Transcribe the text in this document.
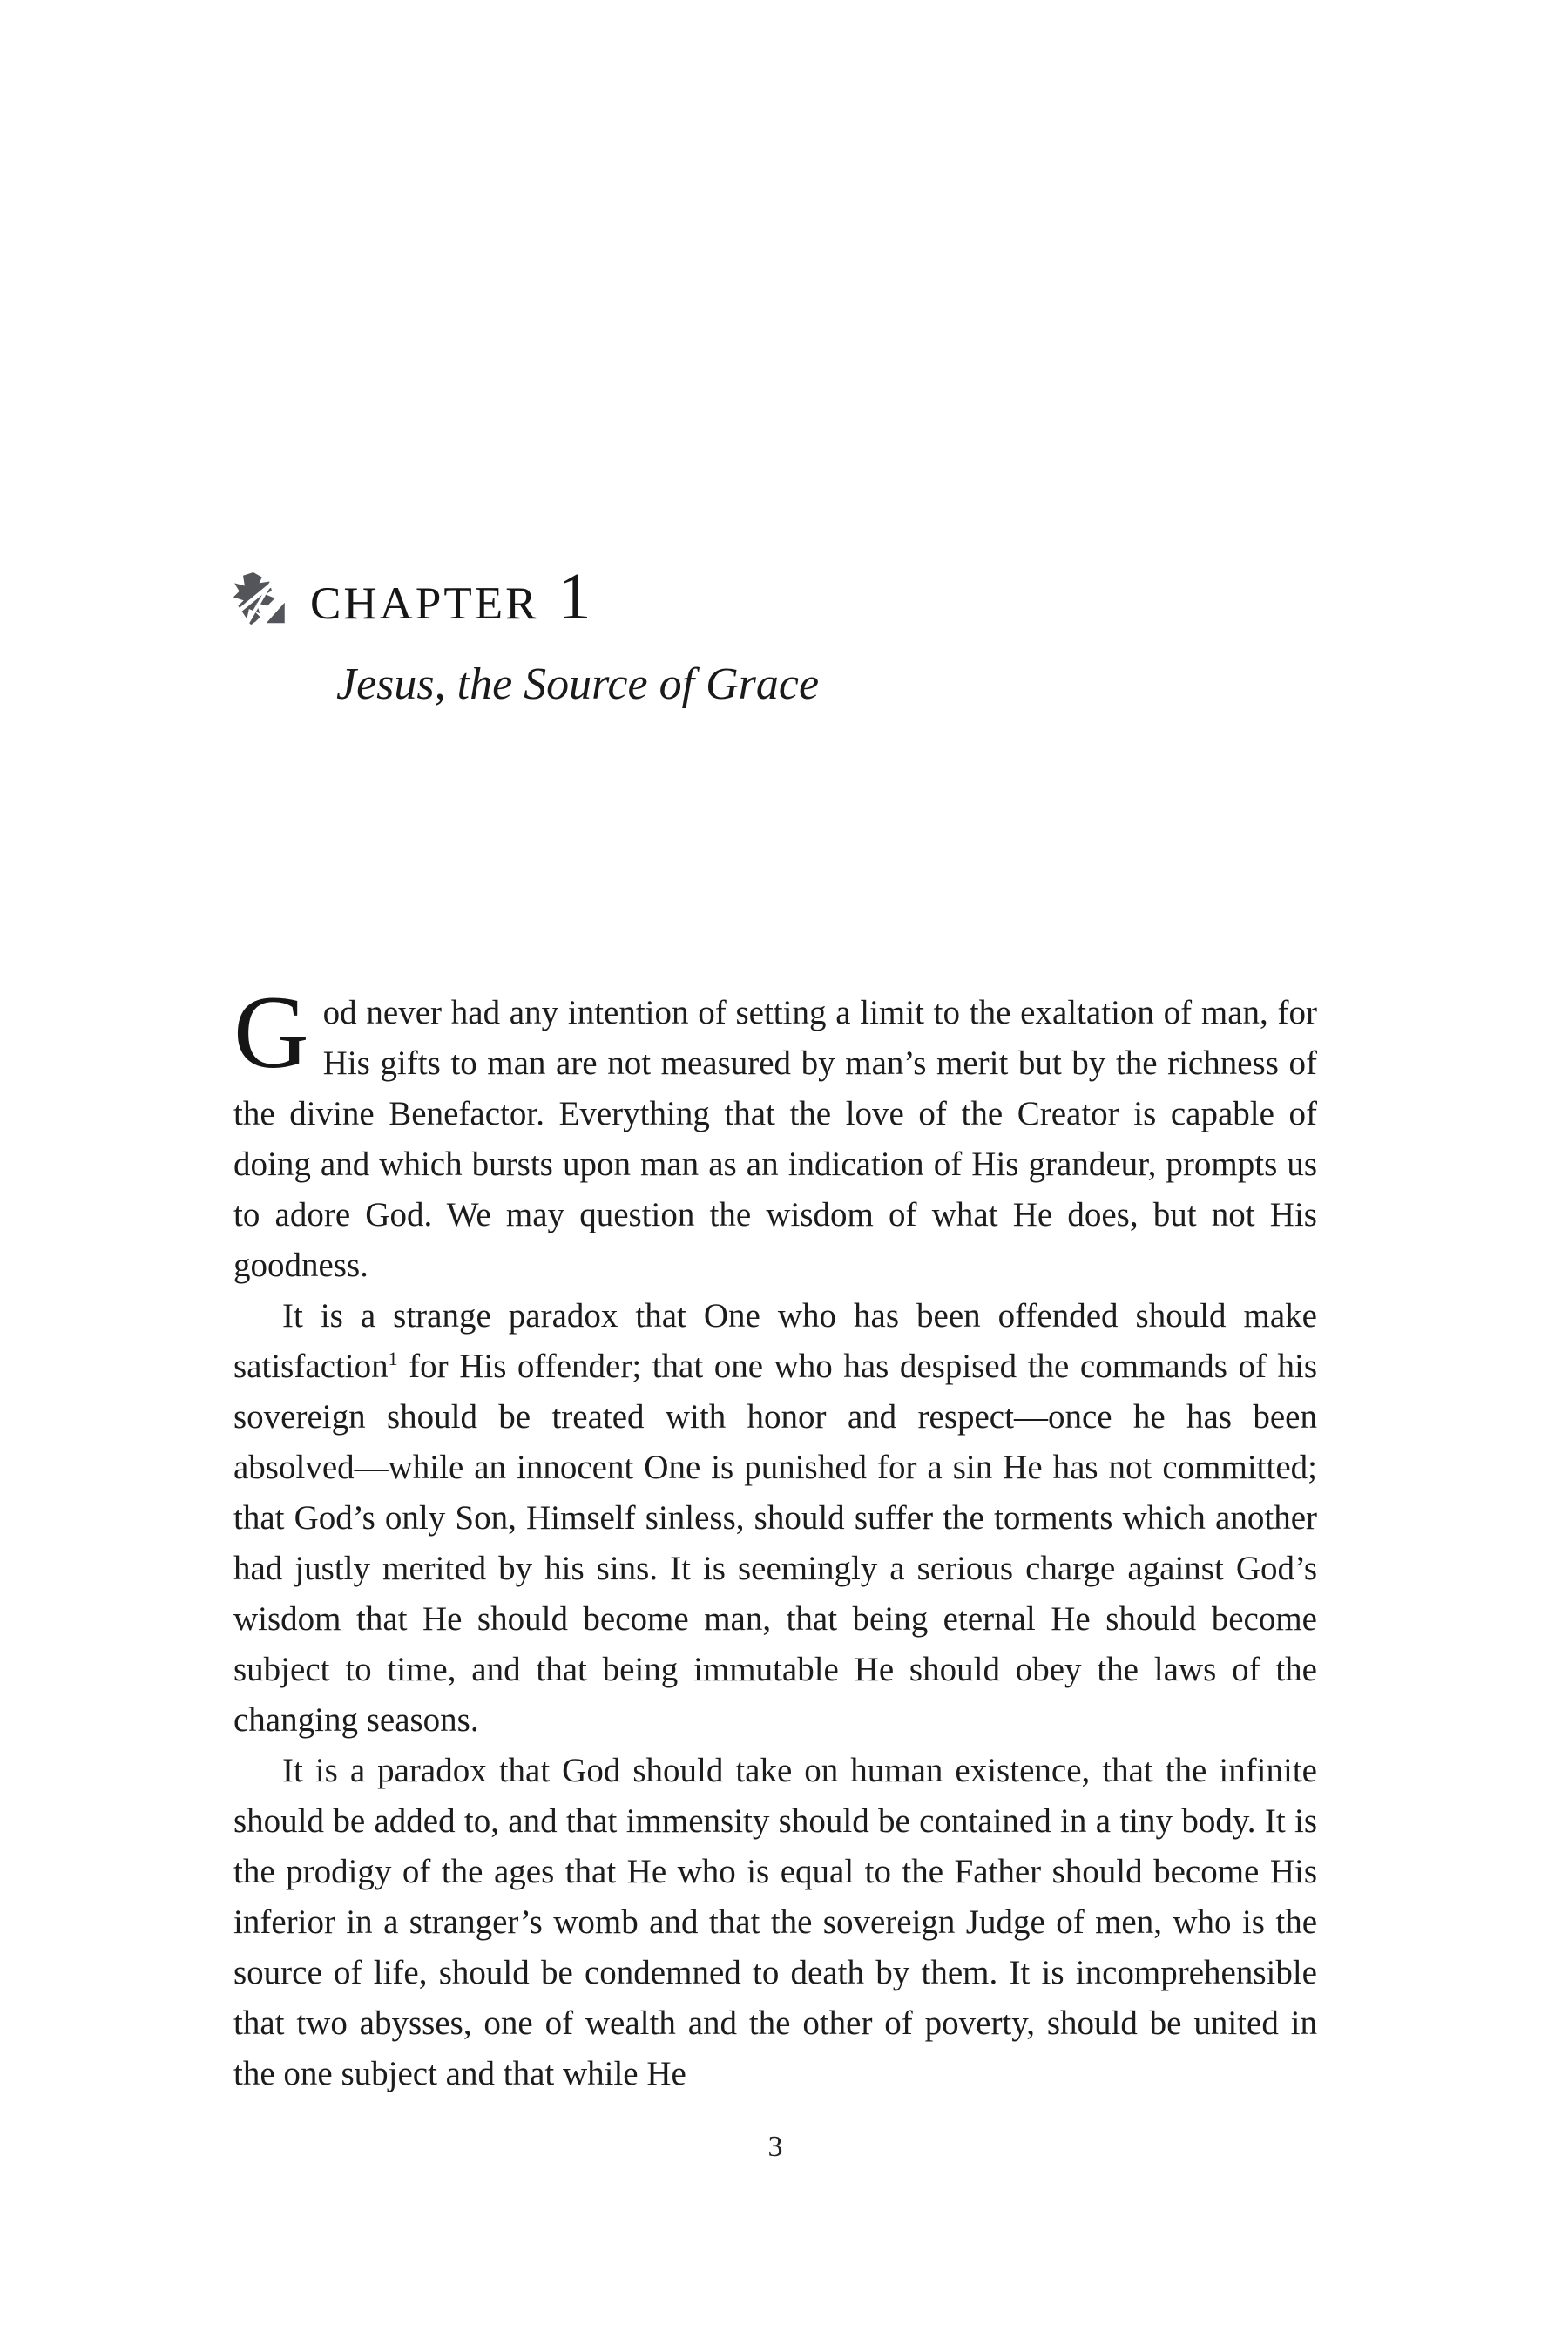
chapter 1
Jesus, the Source of Grace

God never had any intention of setting a limit to the exaltation of man, for His gifts to man are not measured by man’s merit but by the richness of the divine Benefactor. Everything that the love of the Creator is capable of doing and which bursts upon man as an indication of His grandeur, prompts us to adore God. We may question the wisdom of what He does, but not His goodness.

It is a strange paradox that One who has been offended should make satisfaction$^1$ for His offender; that one who has despised the commands of his sovereign should be treated with honor and respect—once he has been absolved—while an innocent One is punished for a sin He has not committed; that God’s only Son, Himself sinless, should suffer the torments which another had justly merited by his sins. It is seemingly a serious charge against God’s wisdom that He should become man, that being eternal He should become subject to time, and that being immutable He should obey the laws of the changing seasons.

It is a paradox that God should take on human existence, that the infinite should be added to, and that immensity should be contained in a tiny body. It is the prodigy of the ages that He who is equal to the Father should become His inferior in a stranger’s womb and that the sovereign Judge of men, who is the source of life, should be condemned to death by them. It is incomprehensible that two abysses, one of wealth and the other of poverty, should be united in the one subject and that while He

3
